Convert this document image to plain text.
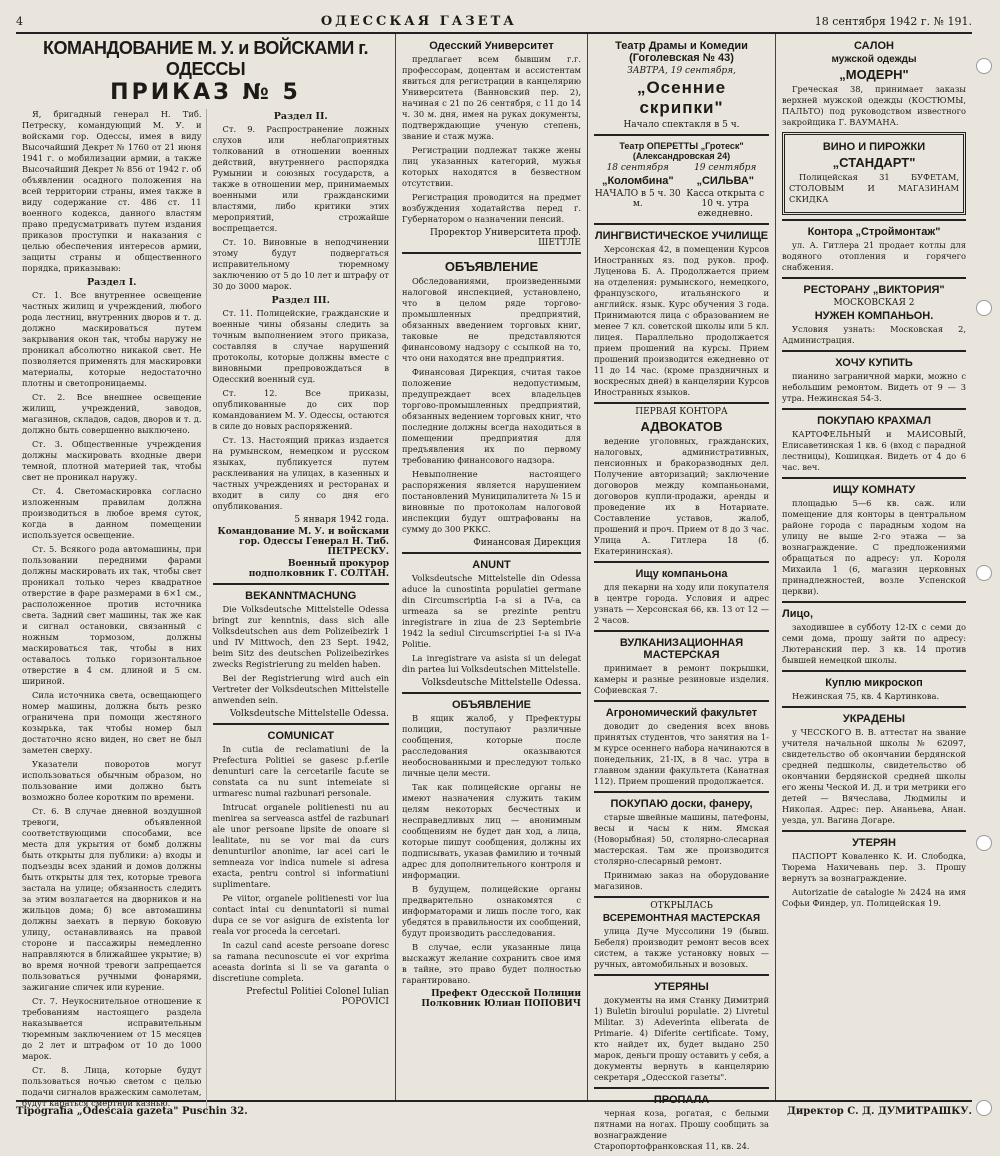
4	ОДЕССКАЯ ГАЗЕТА	18 сентября 1942 г. № 191.
КОМАНДОВАНИЕ М. У. и ВОЙСКАМИ г. ОДЕССЫ
ПРИКАЗ № 5

Я, бригадный генерал Н. Тиб. Петреску, командующий М. У. и войсками гор. Одессы, имея в виду Высочайший Декрет № 1760 от 21 июня 1941 г. о мобилизации армии, а также Высочайший Декрет № 856 от 1942 г. об объявлении осадного положения на всей территории страны, имея также в виду содержание ст. 486 ст. 11 военного кодекса, данного властям право предусматривать путем издания приказов проступки и наказания с целью обеспечения интересов армии, защиты страны и общественного порядка, приказываю:

Раздел I.

Ст. 1. Все внутреннее освещение частных жилищ и учреждений, любого рода лестниц, внутренних дворов и т. д. должно маскироваться путем закрывания окон так, чтобы наружу не проникал абсолютно никакой свет. Не позволяется применять для маскировки материалы, которые недостаточно плотны и светопроницаемы.

Ст. 2. Все внешнее освещение жилищ, учреждений, заводов, магазинов, складов, садов, дворов и т. д. должно быть совершенно выключено.

Ст. 3. Общественные учреждения должны маскировать входные двери темной, плотной материей так, чтобы свет не проникал наружу.

Ст. 4. Светомаскировка согласно изложенным правилам должна производиться в любое время суток, когда в данном помещении используется освещение.

Ст. 5. Всякого рода автомашины, при пользовании передними фарами должны маскировать их так, чтобы свет проникал только через квадратное отверстие в фаре размерами в 6×1 см., расположенное против источника света. Задний свет машины, так же как и сигнал остановки, связанный с ножным тормозом, должны маскироваться так, чтобы в них оставалось только горизонтальное отверстие в 4 см. длиной и 5 см. шириной.

Сила источника света, освещающего номер машины, должна быть резко ограничена при помощи жестяного козырька, так чтобы номер был достаточно ясно виден, но свет не был заметен сверху.

Указатели поворотов могут использоваться обычным образом, но пользование ими должно быть возможно более коротким по времени.

Ст. 6. В случае дневной воздушной тревоги, объявленной соответствующими способами, все места для укрытия от бомб должны быть открыты для публики: а) входы и подъезды всех зданий и домов должны быть открыты для тех, которые тревога застала на улице; обязанность следить за этим возлагается на дворников и на жильцов дома; б) все автомашины должны заехать в первую боковую улицу, останавливаясь на правой стороне и пассажиры немедленно направляются в ближайшее укрытие; в) во время ночной тревоги запрещается пользоваться ручными фонарями, зажигание спичек или курение.

Ст. 7. Неукоснительное отношение к требованиям настоящего раздела наказывается исправительным тюремным заключением от 15 месяцев до 2 лет и штрафом от 10 до 1000 марок.

Ст. 8. Лица, которые будут пользоваться ночью светом с целью подачи сигналов вражеским самолетам, будут караться смертной казнью.

Раздел II.

Ст. 9. Распространение ложных слухов или неблагоприятных толкований в отношении военных действий, внутреннего распорядка Румынии и союзных государств, а также в отношении мер, принимаемых военными или гражданскими властями, либо критики этих мероприятий, строжайше воспрещается.

Ст. 10. Виновные в неподчинении этому будут подвергаться исправительному тюремному заключению от 5 до 10 лет и штрафу от 30 до 3000 марок.

Раздел III.

Ст. 11. Полицейские, гражданские и военные чины обязаны следить за точным выполнением этого приказа, составляя в случае нарушений протоколы, которые должны вместе с виновными препровождаться в Одесский военный суд.

Ст. 12. Все приказы, опубликованные до сих пор командованием М. У. Одессы, остаются в силе до новых распоряжений.

Ст. 13. Настоящий приказ издается на румынском, немецком и русском языках, публикуется путем расклеивания на улицах, в казенных и частных учреждениях и ресторанах и входит в силу со дня его опубликования.

5 января 1942 года.
Командование М. У. и войсками гор. Одессы Генерал Н. Тиб. ПЕТРЕСКУ.
Военный прокурор подполковник Г. СОЛТАН.
BEKANNTMACHUNG

Die Volksdeutsche Mittelstelle Odessa bringt zur kenntnis, dass sich alle Volksdeutschen aus dem Polizeibezirk 1 und IV Mittwoch, den 23 Sept. 1942, beim Sitz des deutschen Polizeibezirkes zwecks Registrierung zu melden haben.

Bei der Registrierung wird auch ein Vertreter der Volksdeutschen Mittelstelle anwenden sein.

Volksdeutsche Mittelstelle Odessa.
COMUNICAT

In cutia de reclamatiuni de la Prefectura Politiei se gasesc p.f.erile denunturi care la cercetarile facute se constata ca nu sunt intemeiate si urmaresc numai razbunari personale.

Intrucat organele politienesti nu au menirea sa serveasca astfel de razbunari ale unor persoane lipsite de onoare si lealitate, nu se vor mai da curs denunturilor anonime, iar acei cari le semneaza vor indica numele si adresa exacta, pentru control si informatiuni suplimentare.

Pe viitor, organele politienesti vor lua contact intai cu denuntatorii si numai dupa ce se vor asigura de existenta lor reala vor proceda la cercetari.

In cazul cand aceste persoane doresc sa ramana necunoscute ei vor exprima aceasta dorinta si li se va garanta o discretiune completa.

Prefectul Politiei Colonel Iulian POPOVICI
Одесский Университет

предлагает всем бывшим г.г. профессорам, доцентам и ассистентам явиться для регистрации в канцелярию Университета (Ванновский пер. 2), начиная с 21 по 26 сентября, с 11 до 14 ч. 30 м. дня, имея на руках документы, подтверждающие ученую степень, звание и стаж мужа.

Регистрации подлежат также жены лиц указанных категорий, мужья которых находятся в безвестном отсутствии.

Регистрация проводится на предмет возбуждения ходатайства перед г. Губернатором о назначении пенсий.

Проректор Университета проф. ШЕТТЛЕ
ОБЪЯВЛЕНИЕ

Обследованиями, произведенными налоговой инспекцией, установлено, что в целом ряде торгово-промышленных предприятий, обязанных введением торговых книг, таковые не представляются финансовому надзору с ссылкой на то, что они находятся вне предприятия.

Финансовая Дирекция, считая такое положение недопустимым, предупреждает всех владельцев торгово-промышленных предприятий, обязанных ведением торговых книг, что последние должны всегда находиться в помещении предприятия для предъявления их по первому требованию финансового надзора.

Невыполнение настоящего распоряжения является нарушением постановлений Муниципалитета № 15 и виновные по протоколам налоговой инспекции будут оштрафованы на сумму до 300 РККС.

Финансовая Дирекция
ANUNT

Volksdeutsche Mittelstelle din Odessa aduce la cunostinta populatiei germane din Circumscriptia I-a si a IV-a, ca urmeaza sa se prezinte pentru inregistrare in ziua de 23 Septembrie 1942 la sediul Circumscriptiei I-a si IV-a Politie.

La inregistrare va asista si un delegat din partea lui Volksdeutschen Mittelstelle.

Volksdeutsche Mittelstelle Odessa.
ОБЪЯВЛЕНИЕ

В ящик жалоб, у Префектуры полиции, поступают различные сообщения, которые после расследования оказываются необоснованными и преследуют только личные цели мести.

Так как полицейские органы не имеют назначения служить таким целям некоторых бесчестных и несправедливых лиц — анонимным сообщениям не будет дан ход, а лица, которые пишут сообщения, должны их подписывать, указав фамилию и точный адрес для дополнительного контроля и информации.

В будущем, полицейские органы предварительно ознакомятся с информаторами и лишь после того, как убедятся в правильности их сообщений, будут производить расследования.

В случае, если указанные лица выскажут желание сохранить свое имя в тайне, это право будет полностью гарантировано.

Префект Одесской Полиции Полковник Юлиан ПОПОВИЧ
Театр Драмы и Комедии (Гоголевская № 43)
ЗАВТРА, 19 сентября,
„Осенние скрипки"
Начало спектакля в 5 ч.
Театр ОПЕРЕТТЫ „Гротеск" (Александровская 24)
18 сентября
„Коломбина"
НАЧАЛО в 5 ч. 30 м.
19 сентября
„СИЛЬВА"
Касса открыта с 10 ч. утра ежедневно.
ЛИНГВИСТИЧЕСКОЕ УЧИЛИЩЕ

Херсонская 42, в помещении Курсов Иностранных яз. под руков. проф. Луценова Б. А. Продолжается прием на отделения: румынского, немецкого, французского, итальянского и английск. язык. Курс обучения 3 года. Принимаются лица с образованием не менее 7 кл. советской школы или 5 кл. лицея. Параллельно продолжается прием прошений на курсы. Прием прошений производится ежедневно от 11 до 14 час. (кроме праздничных и воскресных дней) в канцелярии Курсов Иностранных языков.

ПЕРВАЯ КОНТОРА
АДВОКАТОВ

ведение уголовных, гражданских, налоговых, административных, пенсионных и бракоразводных дел. Получение авторизаций; заключение договоров между компаньонами, договоров купли-продажи, аренды и проведение их в Нотариате. Составление уставов, жалоб, прошений и проч. Прием от 8 до 3 час. Улица А. Гитлера 18 (б. Екатерининская).

Ищу компаньона

для пекарни на ходу или покупателя в центре города. Условия и адрес узнать — Херсонская 66, кв. 13 от 12 — 2 часов.

ВУЛКАНИЗАЦИОННАЯ МАСТЕРСКАЯ

принимает в ремонт покрышки, камеры и разные резиновые изделия. Софиевская 7.

Агрономический факультет

доводит до сведения всех вновь принятых студентов, что занятия на 1-м курсе осеннего набора начинаются в понедельник, 21-IX, в 8 час. утра в главном здании факультета (Канатная 112). Прием прошений продолжается.

ПОКУПАЮ доски, фанеру,

старые швейные машины, патефоны, весы и часы к ним. Ямская (Новорыбная) 50, столярно-слесарная мастерская. Там же производится столярно-слесарный ремонт.

Принимаю заказ на оборудование магазинов.

ОТКРЫЛАСЬ
ВСЕРЕМОНТНАЯ МАСТЕРСКАЯ

улица Дуче Муссолини 19 (бывш. Бебеля) производит ремонт весов всех систем, а также установку новых — ручных, автомобильных и возовых.

УТЕРЯНЫ

документы на имя Станку Димитрий 1) Buletin biroului populatie. 2) Livretul Militar. 3) Adeverinta eliberata de Primarie. 4) Diferite certificate. Тому, кто найдет их, будет выдано 250 марок, деньги прошу оставить у себя, а документы вернуть в канцелярию секретаря „Одесской газеты".

ПРОПАЛА

черная коза, рогатая, с белыми пятнами на ногах. Прошу сообщить за вознаграждение Старопортофранковская 11, кв. 24.

САЛОН
мужской одежды
„МОДЕРН"

Греческая 38, принимает заказы верхней мужской одежды (КОСТЮМЫ, ПАЛЬТО) под руководством известного закройщика Г. ВАУМАНА.

ВИНО И ПИРОЖКИ
„СТАНДАРТ"

Полицейская 31 БУФЕТАМ, СТОЛОВЫМ И МАГАЗИНАМ СКИДКА

Контора „Строймонтаж"

ул. А. Гитлера 21 продает котлы для водяного отопления и горячего снабжения.

РЕСТОРАНУ „ВИКТОРИЯ"
МОСКОВСКАЯ 2
НУЖЕН КОМПАНЬОН.

Условия узнать: Московская 2, Администрация.

ХОЧУ КУПИТЬ

пианино заграничной марки, можно с небольшим ремонтом. Видеть от 9 — 3 утра. Нежинская 54-3.

ПОКУПАЮ КРАХМАЛ

КАРТОФЕЛЬНЫЙ и МАИСОВЫЙ, Елисаветинская 1 кв. 6 (вход с парадной лестницы), Кошицкая. Видеть от 4 до 6 час. веч.

ИЩУ КОМНАТУ

площадью 5—6 кв. саж. или помещение для конторы в центральном районе города с парадным ходом на улицу не выше 2-го этажа — за вознаграждение. С предложениями обращаться по адресу: ул. Короля Михаила 1 (6, магазин церковных принадлежностей, возле Успенской церкви).

Лицо,

заходившее в субботу 12-IX с семи до семи дома, прошу зайти по адресу: Лютеранский пер. 3 кв. 14 против бывшей немецкой школы.

Куплю микроскоп

Нежинская 75, кв. 4 Картинкова.

УКРАДЕНЫ

у ЧЕССКОГО В. В. аттестат на звание учителя начальной школы № 62097, свидетельство об окончании бердянской средней педшколы, свидетельство об окончании бердянской средней школы его жены Ческой И. Д. и три метрики его детей — Вячеслава, Людмилы и Николая. Адрес: пер. Ананьева, Анан. уезда, ул. Вагина Догаре.

УТЕРЯН

ПАСПОРТ Коваленко К. И. Слободка, Тюрема Нахичевань пер. 3. Прошу вернуть за вознаграждение.

Autorizatie de catalogie № 2424 на имя Софьи Финдер, ул. Полицейская 19.

Tipografia „Odescaia gazeta" Puschin 32.	Директор С. Д. ДУМИТРАШКУ.
